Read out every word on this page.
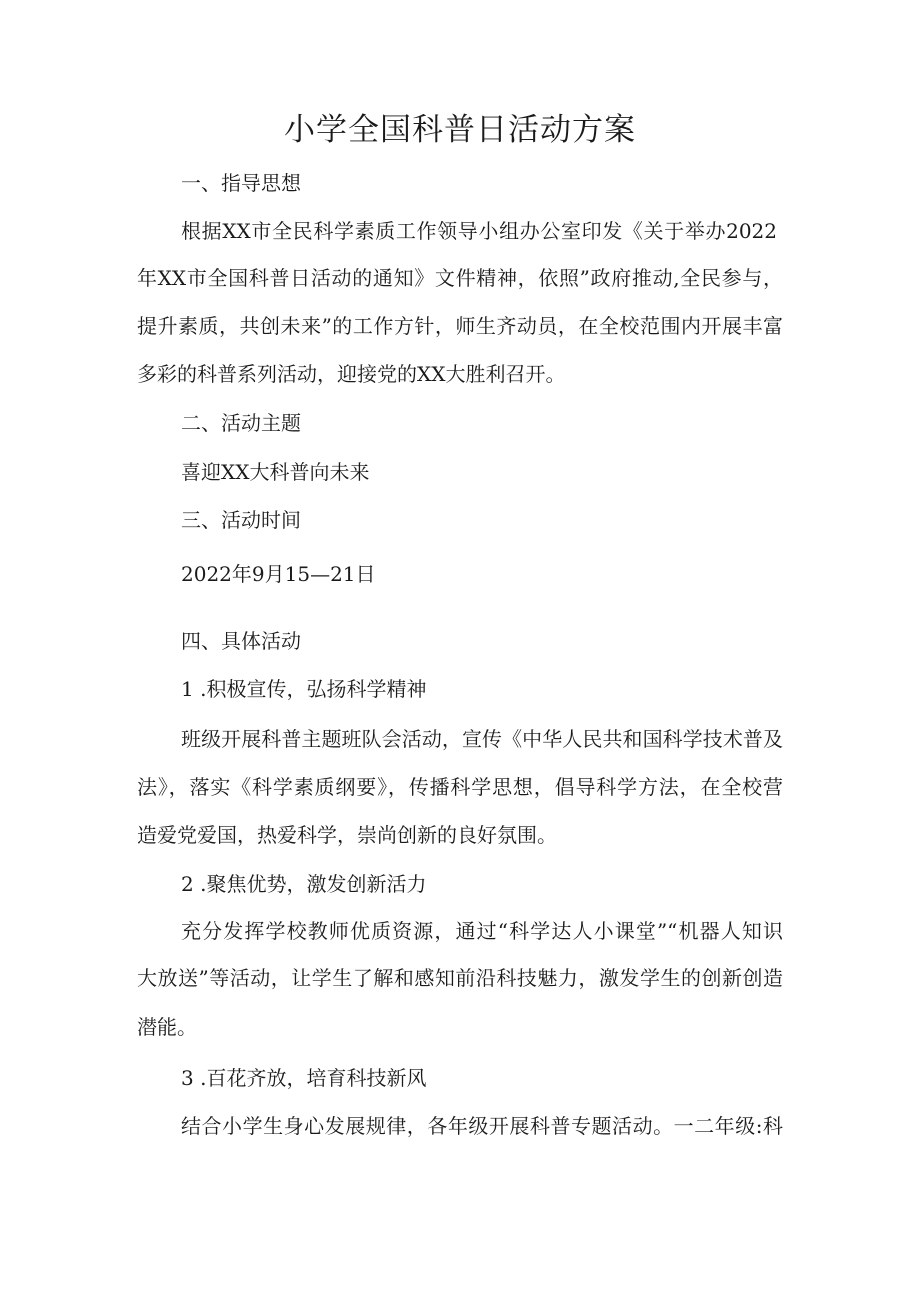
小学全国科普日活动方案
一、指导思想
根据XX市全民科学素质工作领导小组办公室印发《关于举办2022
年XX市全国科普日活动的通知》文件精神，依照”政府推动,全民参与，
提升素质，共创未来”的工作方针，师生齐动员，在全校范围内开展丰富
多彩的科普系列活动，迎接党的XX大胜利召开。
二、活动主题
喜迎XX大科普向未来
三、活动时间
2022年9月15—21日
四、具体活动
1 .积极宣传，弘扬科学精神
班级开展科普主题班队会活动，宣传《中华人民共和国科学技术普及
法》，落实《科学素质纲要》，传播科学思想，倡导科学方法，在全校营
造爱党爱国，热爱科学，崇尚创新的良好氛围。
2 .聚焦优势，激发创新活力
充分发挥学校教师优质资源，通过“科学达人小课堂”“机器人知识
大放送”等活动，让学生了解和感知前沿科技魅力，激发学生的创新创造
潜能。
3 .百花齐放，培育科技新风
结合小学生身心发展规律，各年级开展科普专题活动。一二年级:科
